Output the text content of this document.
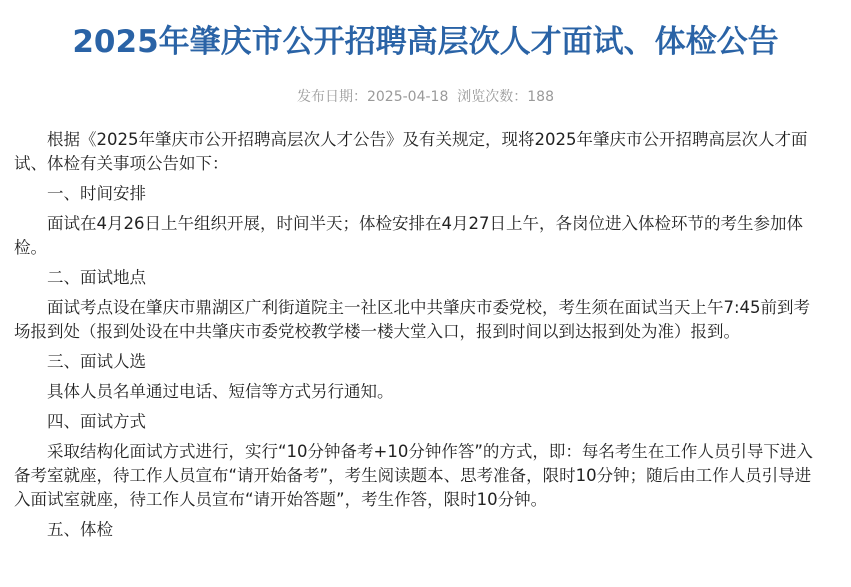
2025年肇庆市公开招聘高层次人才面试、体检公告
发布日期：2025-04-18 浏览次数：188

根据《2025年肇庆市公开招聘高层次人才公告》及有关规定，现将2025年肇庆市公开招聘高层次人才面试、体检有关事项公告如下：

一、时间安排

面试在4月26日上午组织开展，时间半天；体检安排在4月27日上午，各岗位进入体检环节的考生参加体检。

二、面试地点

面试考点设在肇庆市鼎湖区广利街道院主一社区北中共肇庆市委党校，考生须在面试当天上午7:45前到考场报到处（报到处设在中共肇庆市委党校教学楼一楼大堂入口，报到时间以到达报到处为准）报到。

三、面试人选

具体人员名单通过电话、短信等方式另行通知。

四、面试方式

采取结构化面试方式进行，实行“10分钟备考+10分钟作答”的方式，即：每名考生在工作人员引导下进入备考室就座，待工作人员宣布“请开始备考”，考生阅读题本、思考准备，限时10分钟；随后由工作人员引导进入面试室就座，待工作人员宣布“请开始答题”，考生作答，限时10分钟。

五、体检
